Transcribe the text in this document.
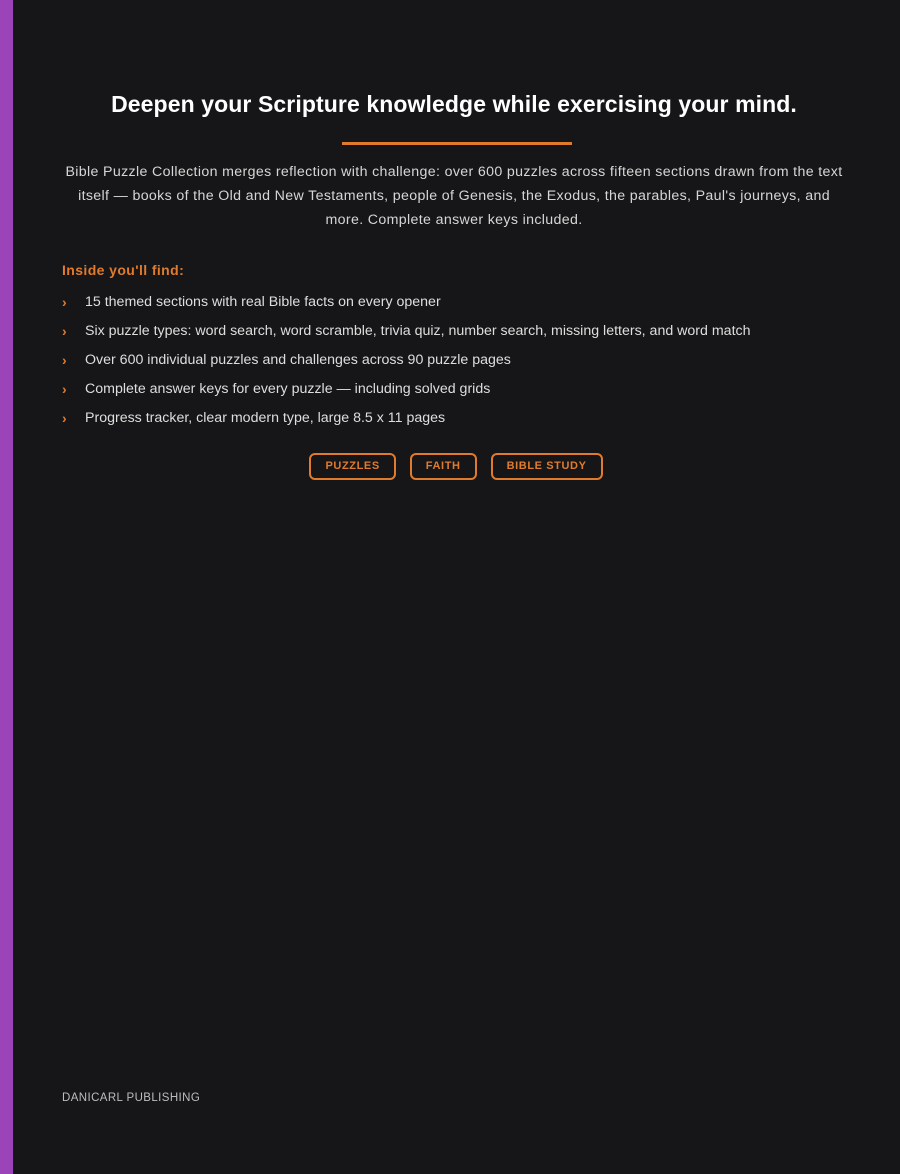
Deepen your Scripture knowledge while exercising your mind.

Bible Puzzle Collection merges reflection with challenge: over 600 puzzles across fifteen sections drawn from the text itself — books of the Old and New Testaments, people of Genesis, the Exodus, the parables, Paul's journeys, and more. Complete answer keys included.

Inside you'll find:
› 15 themed sections with real Bible facts on every opener
› Six puzzle types: word search, word scramble, trivia quiz, number search, missing letters, and word match
› Over 600 individual puzzles and challenges across 90 puzzle pages
› Complete answer keys for every puzzle — including solved grids
› Progress tracker, clear modern type, large 8.5 x 11 pages
PUZZLES	FAITH	BIBLE STUDY

DANICARL PUBLISHING
